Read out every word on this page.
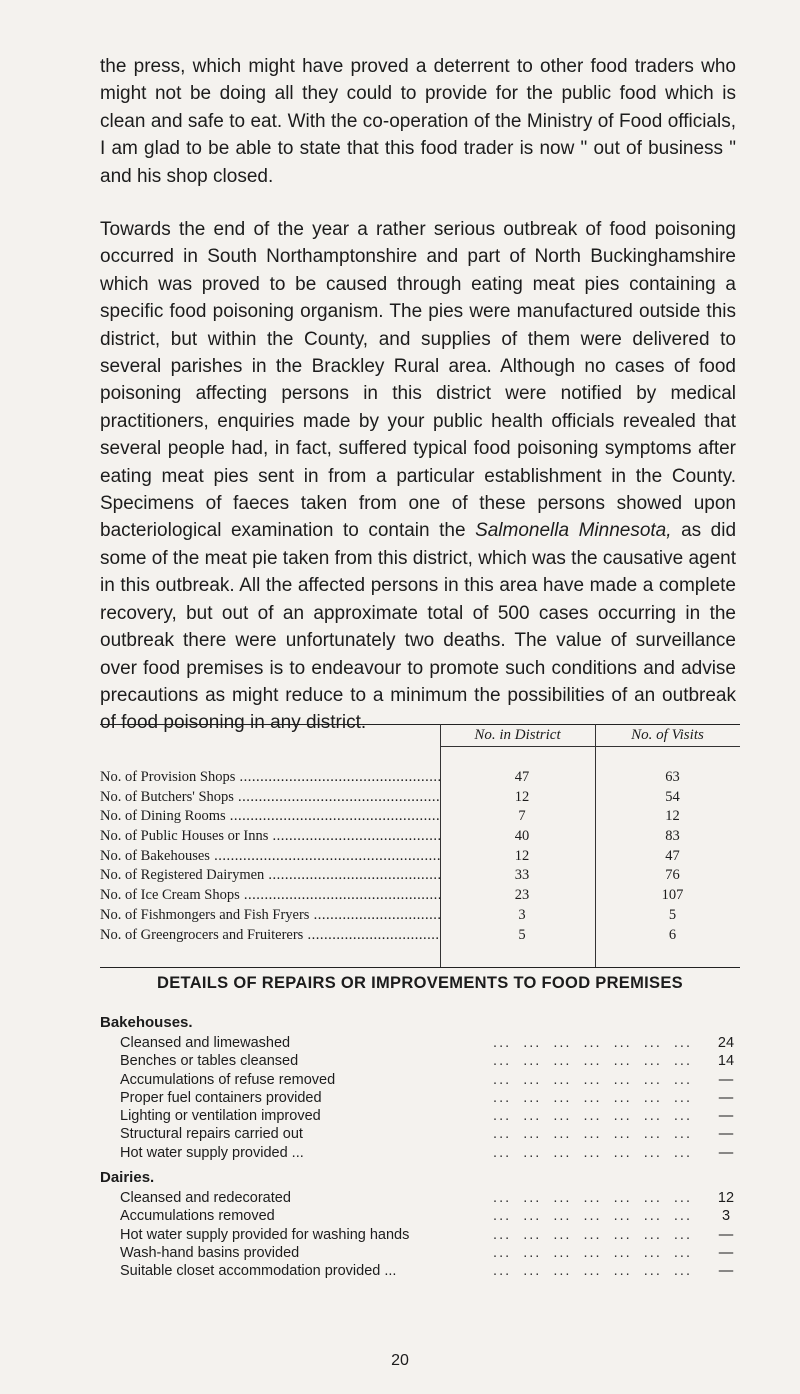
the press, which might have proved a deterrent to other food traders who might not be doing all they could to provide for the public food which is clean and safe to eat. With the co-operation of the Ministry of Food officials, I am glad to be able to state that this food trader is now " out of business " and his shop closed.

Towards the end of the year a rather serious outbreak of food poisoning occurred in South Northamptonshire and part of North Buckinghamshire which was proved to be caused through eating meat pies containing a specific food poisoning organism. The pies were manufactured outside this district, but within the County, and supplies of them were delivered to several parishes in the Brackley Rural area. Although no cases of food poisoning affecting persons in this district were notified by medical practitioners, enquiries made by your public health officials revealed that several people had, in fact, suffered typical food poisoning symptoms after eating meat pies sent in from a particular establishment in the County. Specimens of faeces taken from one of these persons showed upon bacteriological examination to contain the Salmonella Minnesota, as did some of the meat pie taken from this district, which was the causative agent in this outbreak. All the affected persons in this area have made a complete recovery, but out of an approximate total of 500 cases occurring in the outbreak there were unfortunately two deaths. The value of surveillance over food premises is to endeavour to promote such conditions and advise precautions as might reduce to a minimum the possibilities of an outbreak of food poisoning in any district.

No. in District	No. of Visits
No. of Provision Shops .....	47	63
No. of Butchers' Shops .....	12	54
No. of Dining Rooms .....	7	12
No. of Public Houses or Inns .....	40	83
No. of Bakehouses .....	12	47
No. of Registered Dairymen .....	33	76
No. of Ice Cream Shops .....	23	107
No. of Fishmongers and Fish Fryers .....	3	5
No. of Greengrocers and Fruiterers .....	5	6
DETAILS OF REPAIRS OR IMPROVEMENTS TO FOOD PREMISES
Bakehouses.
...  ...  ...  ...  ...  ...  ...
Cleansed and limewashed	24
...  ...  ...  ...  ...  ...  ...
Benches or tables cleansed	14
...  ...  ...  ...  ...  ...  ...
Accumulations of refuse removed	—
...  ...  ...  ...  ...  ...  ...
Proper fuel containers provided	—
...  ...  ...  ...  ...  ...  ...
Lighting or ventilation improved	—
...  ...  ...  ...  ...  ...  ...
Structural repairs carried out	—
...  ...  ...  ...  ...  ...  ...
Hot water supply provided ...	—
Dairies.
...  ...  ...  ...  ...  ...  ...
Cleansed and redecorated	12
...  ...  ...  ...  ...  ...  ...
Accumulations removed	3
...  ...  ...  ...  ...  ...  ...
Hot water supply provided for washing hands	—
...  ...  ...  ...  ...  ...  ...
Wash-hand basins provided	—
...  ...  ...  ...  ...  ...  ...
Suitable closet accommodation provided ...	—
20
